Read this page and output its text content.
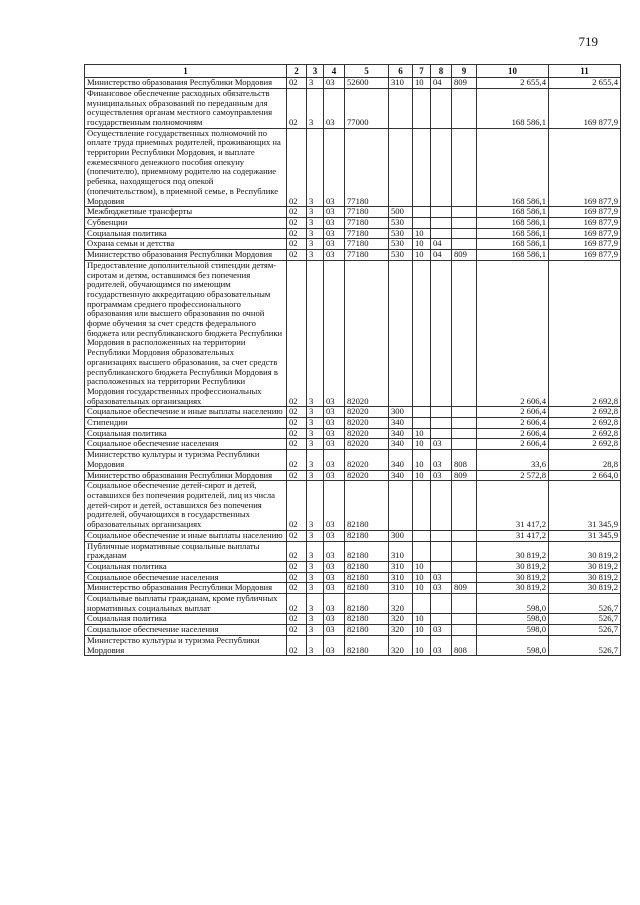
719
1	2	3	4	5	6	7	8	9	10	11
Министерство образования Республики Мордовия	02	3	03	52600	310	10	04	809	2 655,4	2 655,4
Финансовое обеспечение расходных обязательств муниципальных образований по переданным для осуществления органам местного самоуправления государственным полномочиям	02	3	03	77000					168 586,1	169 877,9
Осуществление государственных полномочий по оплате труда приемных родителей, проживающих на территории Республики Мордовия, и выплате ежемесячного денежного пособия опекуну (попечителю), приемному родителю на содержание ребенка, находящегося под опекой (попечительством), в приемной семье, в Республике Мордовия	02	3	03	77180					168 586,1	169 877,9
Межбюджетные трансферты	02	3	03	77180	500				168 586,1	169 877,9
Субвенции	02	3	03	77180	530				168 586,1	169 877,9
Социальная политика	02	3	03	77180	530	10			168 586,1	169 877,9
Охрана семьи и детства	02	3	03	77180	530	10	04		168 586,1	169 877,9
Министерство образования Республики Мордовия	02	3	03	77180	530	10	04	809	168 586,1	169 877,9
Предоставление дополнительной стипендии детям-сиротам и детям, оставшимся без попечения родителей, обучающимся по имеющим государственную аккредитацию образовательным программам среднего профессионального образования или высшего образования по очной форме обучения за счет средств федерального бюджета или республиканского бюджета Республики Мордовия в расположенных на территории Республики Мордовия образовательных организациях высшего образования, за счет средств республиканского бюджета Республики Мордовия в расположенных на территории Республики Мордовия государственных профессиональных образовательных организациях	02	3	03	82020					2 606,4	2 692,8
Социальное обеспечение и иные выплаты населению	02	3	03	82020	300				2 606,4	2 692,8
Стипендии	02	3	03	82020	340				2 606,4	2 692,8
Социальная политика	02	3	03	82020	340	10			2 606,4	2 692,8
Социальное обеспечение населения	02	3	03	82020	340	10	03		2 606,4	2 692,8
Министерство культуры и туризма Республики Мордовия	02	3	03	82020	340	10	03	808	33,6	28,8
Министерство образования Республики Мордовия	02	3	03	82020	340	10	03	809	2 572,8	2 664,0
Социальное обеспечение детей-сирот и детей, оставшихся без попечения родителей, лиц из числа детей-сирот и детей, оставшихся без попечения родителей, обучающихся в государственных образовательных организациях	02	3	03	82180					31 417,2	31 345,9
Социальное обеспечение и иные выплаты населению	02	3	03	82180	300				31 417,2	31 345,9
Публичные нормативные социальные выплаты гражданам	02	3	03	82180	310				30 819,2	30 819,2
Социальная политика	02	3	03	82180	310	10			30 819,2	30 819,2
Социальное обеспечение населения	02	3	03	82180	310	10	03		30 819,2	30 819,2
Министерство образования Республики Мордовия	02	3	03	82180	310	10	03	809	30 819,2	30 819,2
Социальные выплаты гражданам, кроме публичных нормативных социальных выплат	02	3	03	82180	320				598,0	526,7
Социальная политика	02	3	03	82180	320	10			598,0	526,7
Социальное обеспечение населения	02	3	03	82180	320	10	03		598,0	526,7
Министерство культуры и туризма Республики Мордовия	02	3	03	82180	320	10	03	808	598,0	526,7
